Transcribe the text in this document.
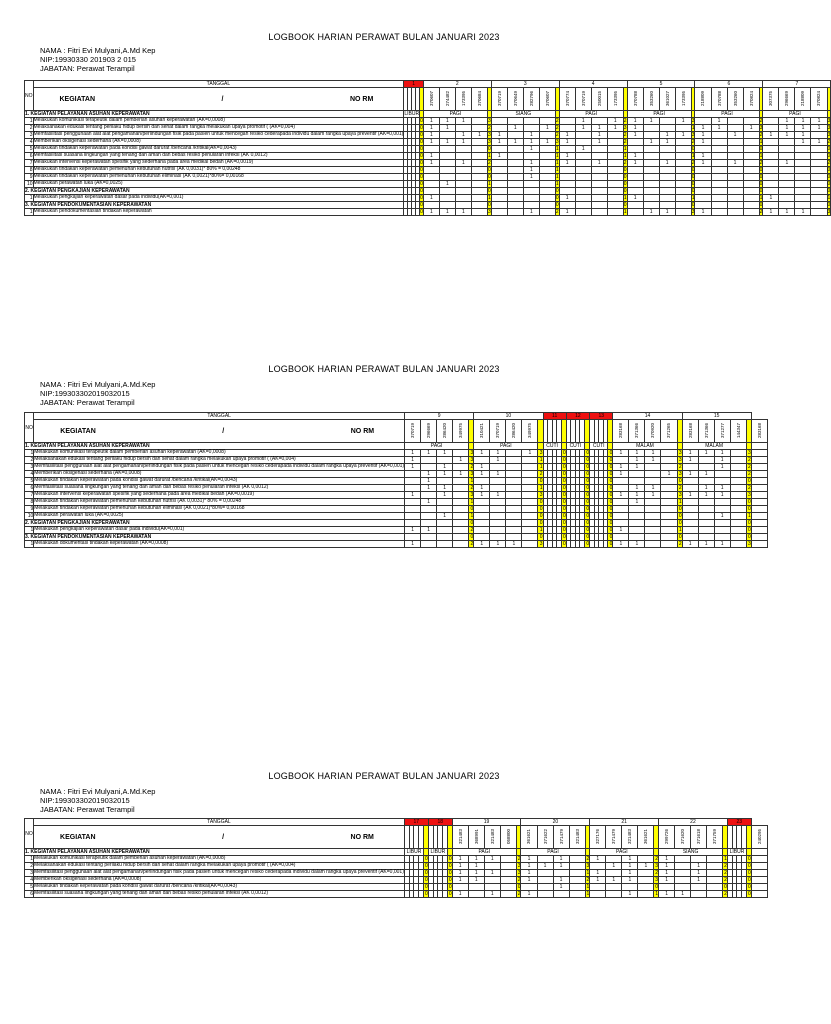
LOGBOOK HARIAN PERAWAT BULAN JANUARI 2023
NAMA : Fitri Evi Mulyani,A.Md Kep
NIP:19930330 201903 2 015
JABATAN: Perawat Terampil
NO	TANGGAL	1					2					3					4					5					6					7				

	KEGIATAN / NO RM						370607	274482	173395	370684		370719	370649	282796	370607		370774	370719	250015	173395		370788	353260	361027	173395		218809	370788	353260	370824		307375	296669	218809	370824	
1. KEGIATAN PELAYANAN ASUHAN KEPERAWATAN		LIBUR					PAGI					SIANG					PAGI					PAGI					PAGI					PAGI				
1	Melakukan komunikasi terapeutik dalam pemberian asuhan keperawatan (AK=0,0008)					0	1	1	1		3					2		1		1	2	1	1		1	3		1			2		1	1	1	3
2	Melaksanakan edukasi tentang perilaku hidup bersih dan sehat dalam rangka melakukan upaya promotif ( (AK=0,004)					0	1	1			2		1		1	2		1	1	1	3	1				1	1	1		1	3		1	1	1	3
3	Memfasilitasi penggunaan alat alat pengamanan/perlindungan fisik pada pasien untuk mencegah resiko cederapada individu dalam rangka upaya preventif (AK=0,001)					0	1		1	1	3	1		1		2	1		1		2	1		1	1	3	1		1		2	1	1	1		3
4	Memberikan oksigenasi sederhana (AK=0,0008)					0	1	1	1		3	1	1	1	1	3	1		1		2		1	1		2	1				1			1	1	2
5	Melakukan tindakan keperawatan pada kondisi gawat darurat /bencana /kritikal(AK=0,0043)					0					0			1		1		1			1					0					0					0
6	Memfasilitasi suasana lingkungan yang tenang dan aman dan bebas resiko penularan infeksi (AK 0,0012)					0	1				1	1				1	1				1	1				1	1				1					0
7	Melakukan intervensi keperawatan spesifik yang sederhana pada area medikal bedah (AK=0,0019)					0	1		1		2			1		1	1		1		2	1		1		2	1		1		2		1			2
8	Melakukan tindakan keperawatan pemenuhan kebutuhan nutrisi (AK 0,0031)* 80% = 0,00248					0					0			1		1					0					0					0					0
9	Melakukan tindakan keperawatan pemenuhan kebutuhan eliminasi (AK 0,0021)*80%= 0,00168					0					0			1		1					0					0					0					0
10	Melakukan perawatan luka (AK=0,0025)					0		1			1					1					0					0					0					0
2. KEGIATAN PENGKAJIAN KEPERAWATAN						0					0					0					0					0					0					0
1	Melakukan pengkajian keperawatan dasar pada individu(AK=0,001)					0	1				1					0	1				1	1				1					1	1				1
3. KEGIATAN PENDOKUMENTASIAN KEPERAWATAN						0					0					0					0					0					0					0
1	Melakukan pendokumentasian tindakan keperawatan					0	1	1	1		3			1		2	1				1		1	1		3	1				2	1	1	1		3
LOGBOOK HARIAN PERAWAT BULAN JANUARI 2023
NAMA : Fitri Evi Mulyani,A.Md.Kep
NIP:199303302019032015
JABATAN: Perawat Terampil
NO	TANGGAL	9					10					11					12					13					14					15					

	KEGIATAN / NO RM	370719	296669	286420	349975		310421	370719	286420	349975																	283168	371366	370920	371265		283168	371366	371277	144347		283168
1. KEGIATAN PELAYANAN ASUHAN KEPERAWATAN		PAGI					PAGI					CUTI					CUTI					CUTI					MALAM					MALAM					
1	Melakukan komunikasi terapeutik dalam pemberian asuhan keperawatan (AK=0,0008)	1	1	1		3	1	1		1	3					0					0					0	1	1	1		3	1	1	1		3	
2	Melaksanakan edukasi tentang perilaku hidup bersih dan sehat dalam rangka melakukan upaya promotif ( (AK=0,004)	1			1	3		1			1					0					0					0		1	1		3	1		1		2	
3	Memfasilitasi penggunaan alat alat pengamanan/perlindungan fisik pada pasien untuk mencegah resiko cederapada individu dalam rangka upaya preventif (AK=0,001)	1		1		2	1				1					0					0					0	1	1			2			1		2	
4	Memberikan oksigenasi sederhana (AK=0,0008)		1	1	1	3	1	1			2					0					0					0	1			1	3	1	1			2	
5	Melakukan tindakan keperawatan pada kondisi gawat darurat /bencana /kritikal(AK=0,0043)		1			1					0					0					0					0					0					0	
6	Memfasilitasi suasana lingkungan yang tenang dan aman dan bebas resiko penularan infeksi (AK 0,0012)		1	1		2	1				1					0					0					0		1	1		2		1	1		2	
7	Melakukan intervensi keperawatan spesifik yang sederhana pada area medikal bedah (AK=0,0019)	1		1		3	1	1			3					0					0					0	1	1	1		3	1	1	1		3	
8	Melakukan tindakan keperawatan pemenuhan kebutuhan nutrisi (AK 0,0031)* 80% = 0,00248		1			1					0					0					0					0		1			1					0	
9	Melakukan tindakan keperawatan pemenuhan kebutuhan eliminasi (AK 0,0021)*80%= 0,00168					0					0					0					0					0					0					0	
10	Melakukan perawatan luka (AK=0,0025)			1		1					0					0					0					0					0			1		1	
2. KEGIATAN PENGKAJIAN KEPERAWATAN						0					0					0					0					0					0					0	
1	Melakukan pengkajian keperawatan dasar pada individu(AK=0,001)	1	1			2					1					0					0					0	1				1					0	
3. KEGIATAN PENDOKUMENTASIAN KEPERAWATAN						0					0					0					0					0					0					0	
1	Melakukan dokumentasi tindakan keperawatan (AK=0,0008)	1				2	1	1	1		3					0					0					0	1	1			2	1	1	1		3	
LOGBOOK HARIAN PERAWAT BULAN JANUARI 2023
NAMA : Fitri Evi Mulyani,A.Md.Kep
NIP:199303302019032015
JABATAN: Perawat Terampil
NO	TANGGAL	17					18					19					20					21					22					23					

	KEGIATAN / NO RM											321483	368991	321483	058800		361621	371622	371479	321483		327176	371479	321483	361621		299726	371620	371618	371759							240295
1. KEGIATAN PELAYANAN ASUHAN KEPERAWATAN		LIBUR					LIBUR					PAGI					PAGI					PAGI					SIANG					LIBUR					
1	Melakukan komunikasi terapeutik dalam pemberian asuhan keperawatan (AK=0,0008)					0					0	1	1	1		2	1		1		2	1		1		2	1				1					0	
2	Melaksanakan edukasi tentang perilaku hidup bersih dan sehat dalam rangka melakukan upaya promotif ( (AK=0,004)					0					0	1	1			3	1	1	1		3		1	1	1	3	1		1		2					0	
3	Memfasilitasi penggunaan alat alat pengamanan/perlindungan fisik pada pasien untuk mencegah resiko cederapada individu dalam rangka upaya preventif (AK=0,001)					0					0	1	1	1		3	1				1	1		1		2	1		1		2					0	
4	Memberikan oksigenasi sederhana (AK=0,0008)					0					0	1	1			2	1		1		2	1	1	1		3	1		1		2					0	
5	Melakukan tindakan keperawatan pada kondisi gawat darurat /bencana /kritikal(AK=0,0043)					0					0					0			1		1					0					0					0	
6	Memfasilitasi suasana lingkungan yang tenang dan aman dan bebas resiko penularan infeksi (AK 0,0012)					0					0	1		1		2	1				1			1		1	1	1			2					0	
